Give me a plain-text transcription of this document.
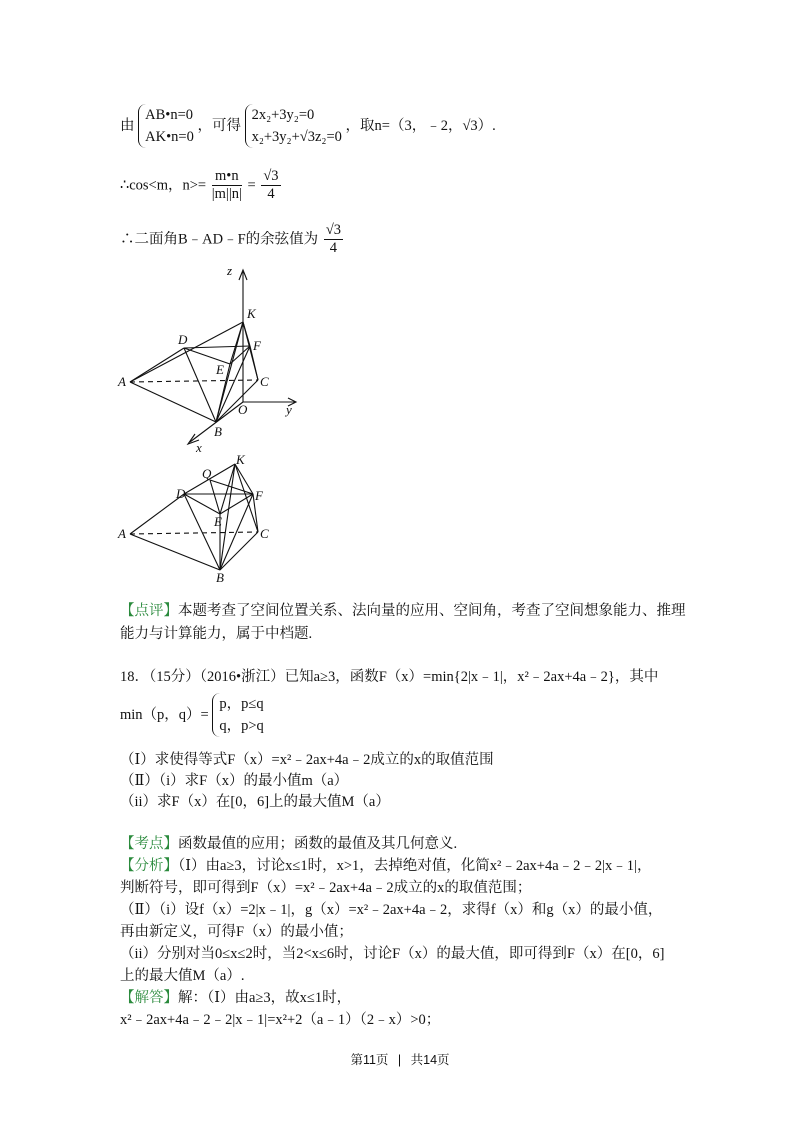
由
AB•n=0
AK•n=0
，可得
2x₂+3y₂=0
x₂+3y₂+√3z₂=0
，取n=（3，﹣2，√3）.
∴cos<m，$n>= \frac{m•n}{|m||n|} = \frac{√3}{4}$
∴二面角B﹣AD﹣F的余弦值为 $\frac{√3}{4}$
z
K
D	F
E
A	C
O	y
B
x
Q
K
D	F
E
A	C
B
【点评】本题考查了空间位置关系、法向量的应用、空间角，考查了空间想象能力、推理
能力与计算能力，属于中档题.
18．（15分）（2016•浙江）已知a≥3，函数F（x）=min{2|x﹣1|，x²﹣2ax+4a﹣2}，其中
min（p，q）=
p，p≤q
q，p>q
（Ⅰ）求使得等式F（x）=x²﹣2ax+4a﹣2成立的x的取值范围
（Ⅱ）（i）求F（x）的最小值m（a）
（ii）求F（x）在[0，6]上的最大值M（a）
【考点】函数最值的应用；函数的最值及其几何意义.
【分析】（Ⅰ）由a≥3，讨论x≤1时，x>1，去掉绝对值，化简x²﹣2ax+4a﹣2﹣2|x﹣1|，
判断符号，即可得到F（x）=x²﹣2ax+4a﹣2成立的x的取值范围；
（Ⅱ）（i）设f（x）=2|x﹣1|，g（x）=x²﹣2ax+4a﹣2，求得f（x）和g（x）的最小值，
再由新定义，可得F（x）的最小值；
（ii）分别对当0≤x≤2时，当2<x≤6时，讨论F（x）的最大值，即可得到F（x）在[0，6]
上的最大值M（a）.
【解答】解：（Ⅰ）由a≥3，故x≤1时，
x²﹣2ax+4a﹣2﹣2|x﹣1|=x²+2（a﹣1）（2﹣x）>0；
第11页 | 共14页
